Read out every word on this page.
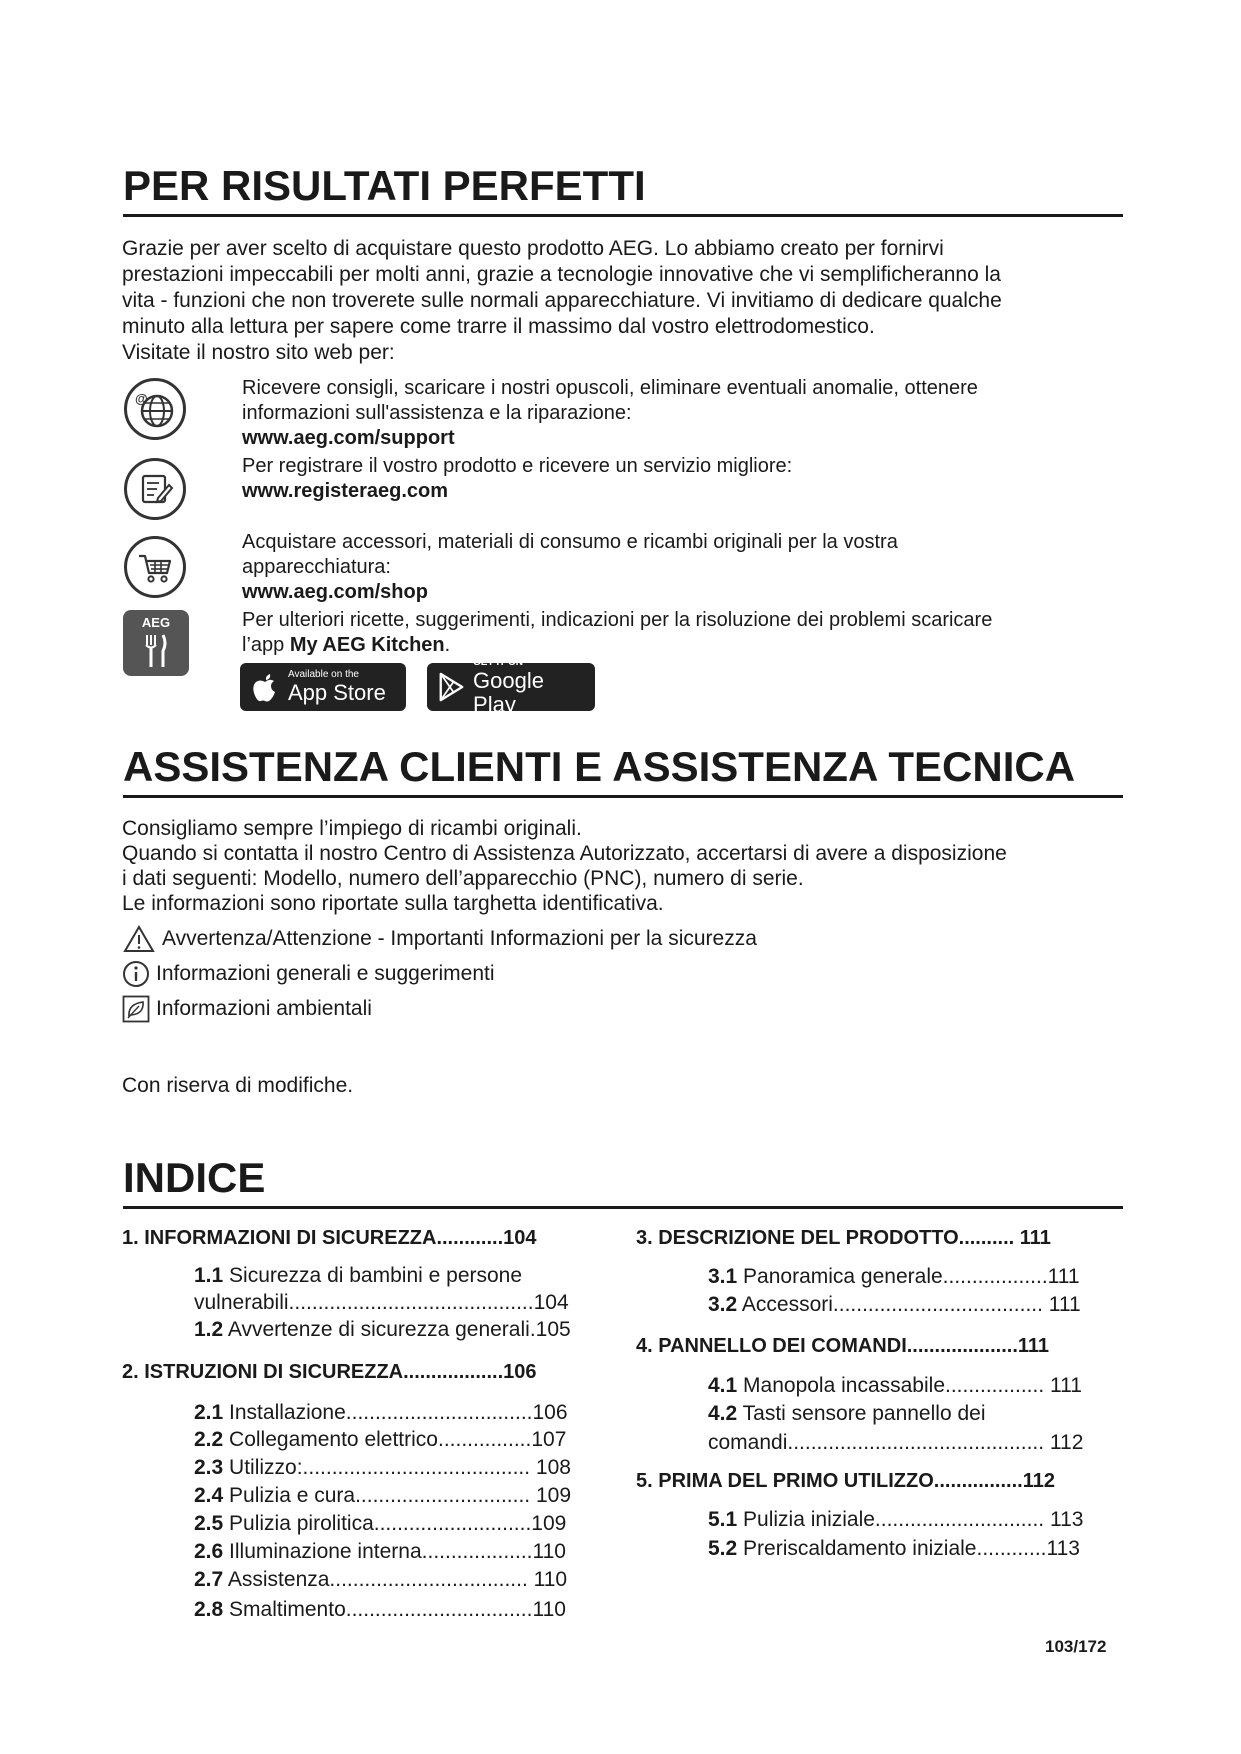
PER RISULTATI PERFETTI

Grazie per aver scelto di acquistare questo prodotto AEG. Lo abbiamo creato per fornirvi

prestazioni impeccabili per molti anni, grazie a tecnologie innovative che vi semplificheranno la

vita - funzioni che non troverete sulle normali apparecchiature. Vi invitiamo di dedicare qualche

minuto alla lettura per sapere come trarre il massimo dal vostro elettrodomestico.

Visitate il nostro sito web per:

@	Ricevere consigli, scaricare i nostri opuscoli, eliminare eventuali anomalie, ottenere

informazioni sull'assistenza e la riparazione:

www.aeg.com/support

Per registrare il vostro prodotto e ricevere un servizio migliore:

www.registeraeg.com

Acquistare accessori, materiali di consumo e ricambi originali per la vostra

apparecchiatura:

www.aeg.com/shop

AEG	Per ulteriori ricette, suggerimenti, indicazioni per la risoluzione dei problemi scaricare

l’app My AEG Kitchen.

Available on the
App Store
GET IT ON
Google Play
ASSISTENZA CLIENTI E ASSISTENZA TECNICA

Consigliamo sempre l’impiego di ricambi originali.

Quando si contatta il nostro Centro di Assistenza Autorizzato, accertarsi di avere a disposizione

i dati seguenti: Modello, numero dell’apparecchio (PNC), numero di serie.

Le informazioni sono riportate sulla targhetta identificativa.

Avvertenza/Attenzione - Importanti Informazioni per la sicurezza
Informazioni generali e suggerimenti
Informazioni ambientali
Con riserva di modifiche.
INDICE
1. INFORMAZIONI DI SICUREZZA............104
1.1 Sicurezza di bambini e persone
vulnerabili..........................................104
1.2 Avvertenze di sicurezza generali.105
2. ISTRUZIONI DI SICUREZZA..................106
2.1 Installazione................................106
2.2 Collegamento elettrico................107
2.3 Utilizzo:....................................... 108
2.4 Pulizia e cura.............................. 109
2.5 Pulizia pirolitica...........................109
2.6 Illuminazione interna...................110
2.7 Assistenza.................................. 110
2.8 Smaltimento................................110
3. DESCRIZIONE DEL PRODOTTO.......... 111
3.1 Panoramica generale..................111
3.2 Accessori.................................... 111
4. PANNELLO DEI COMANDI....................111
4.1 Manopola incassabile................. 111
4.2 Tasti sensore pannello dei
comandi............................................ 112
5. PRIMA DEL PRIMO UTILIZZO................112
5.1 Pulizia iniziale............................. 113
5.2 Preriscaldamento iniziale............113
103/172
